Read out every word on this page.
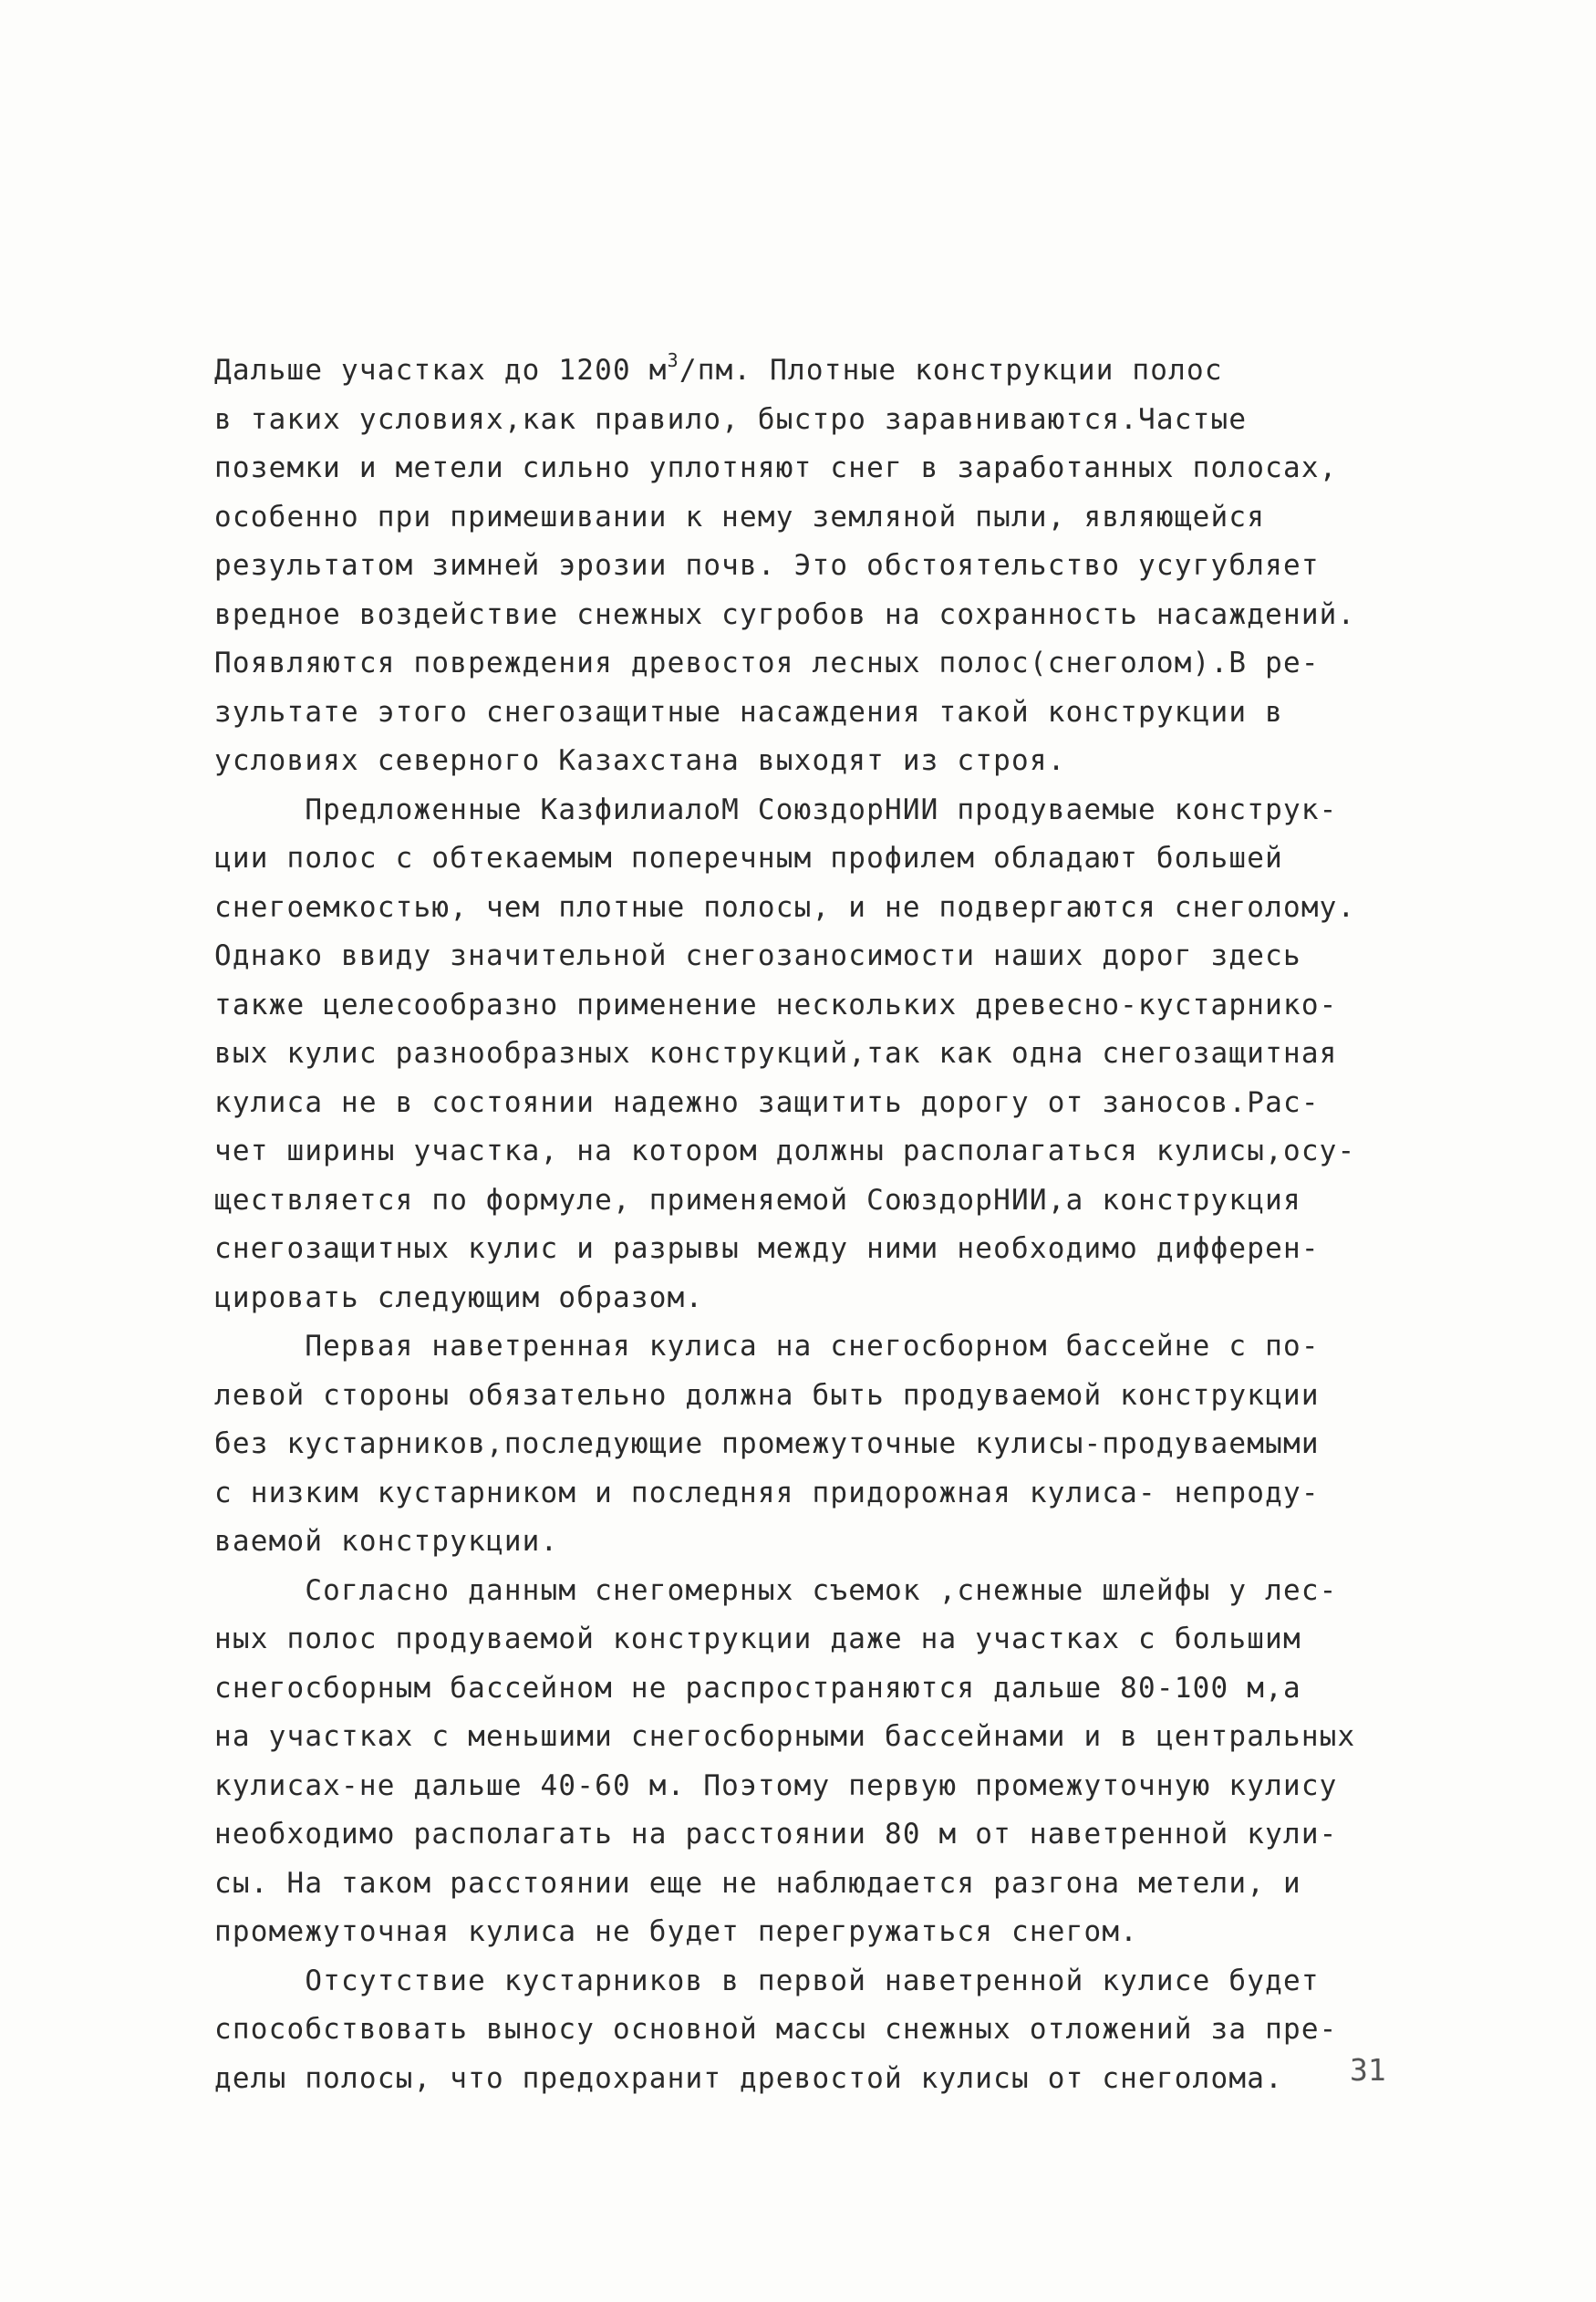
Дальше участках до 1200 $м^3/пм$. Плотные конструкции полос
в таких условиях,как правило, быстро заравниваются.Частые
поземки и метели сильно уплотняют снег в заработанных полосах,
особенно при примешивании к нему земляной пыли, являющейся
результатом зимней эрозии почв. Это обстоятельство усугубляет
вредное воздействие снежных сугробов на сохранность насаждений.
Появляются повреждения древостоя лесных полос(снеголом).В ре-
зультате этого снегозащитные насаждения такой конструкции в
условиях северного Казахстана выходят из строя.
Предложенные КазфилиалоМ СоюздорНИИ продуваемые конструк-
ции полос с обтекаемым поперечным профилем обладают большей
снегоемкостью, чем плотные полосы, и не подвергаются снеголому.
Однако ввиду значительной снегозаносимости наших дорог здесь
также целесообразно применение нескольких древесно-кустарнико-
вых кулис разнообразных конструкций,так как одна снегозащитная
кулиса не в состоянии надежно защитить дорогу от заносов.Рас-
чет ширины участка, на котором должны располагаться кулисы,осу-
ществляется по формуле, применяемой СоюздорНИИ,а конструкция
снегозащитных кулис и разрывы между ними необходимо дифферен-
цировать следующим образом.
Первая наветренная кулиса на снегосборном бассейне с по-
левой стороны обязательно должна быть продуваемой конструкции
без кустарников,последующие промежуточные кулисы-продуваемыми
с низким кустарником и последняя придорожная кулиса- непроду-
ваемой конструкции.
Согласно данным снегомерных съемок ,снежные шлейфы у лес-
ных полос продуваемой конструкции даже на участках с большим
снегосборным бассейном не распространяются дальше 80-100 м,а
на участках с меньшими снегосборными бассейнами и в центральных
кулисах-не дальше 40-60 м. Поэтому первую промежуточную кулису
необходимо располагать на расстоянии 80 м от наветренной кули-
сы. На таком расстоянии еще не наблюдается разгона метели, и
промежуточная кулиса не будет перегружаться снегом.
Отсутствие кустарников в первой наветренной кулисе будет
способствовать выносу основной массы снежных отложений за пре-
делы полосы, что предохранит древостой кулисы от снеголома.	31
